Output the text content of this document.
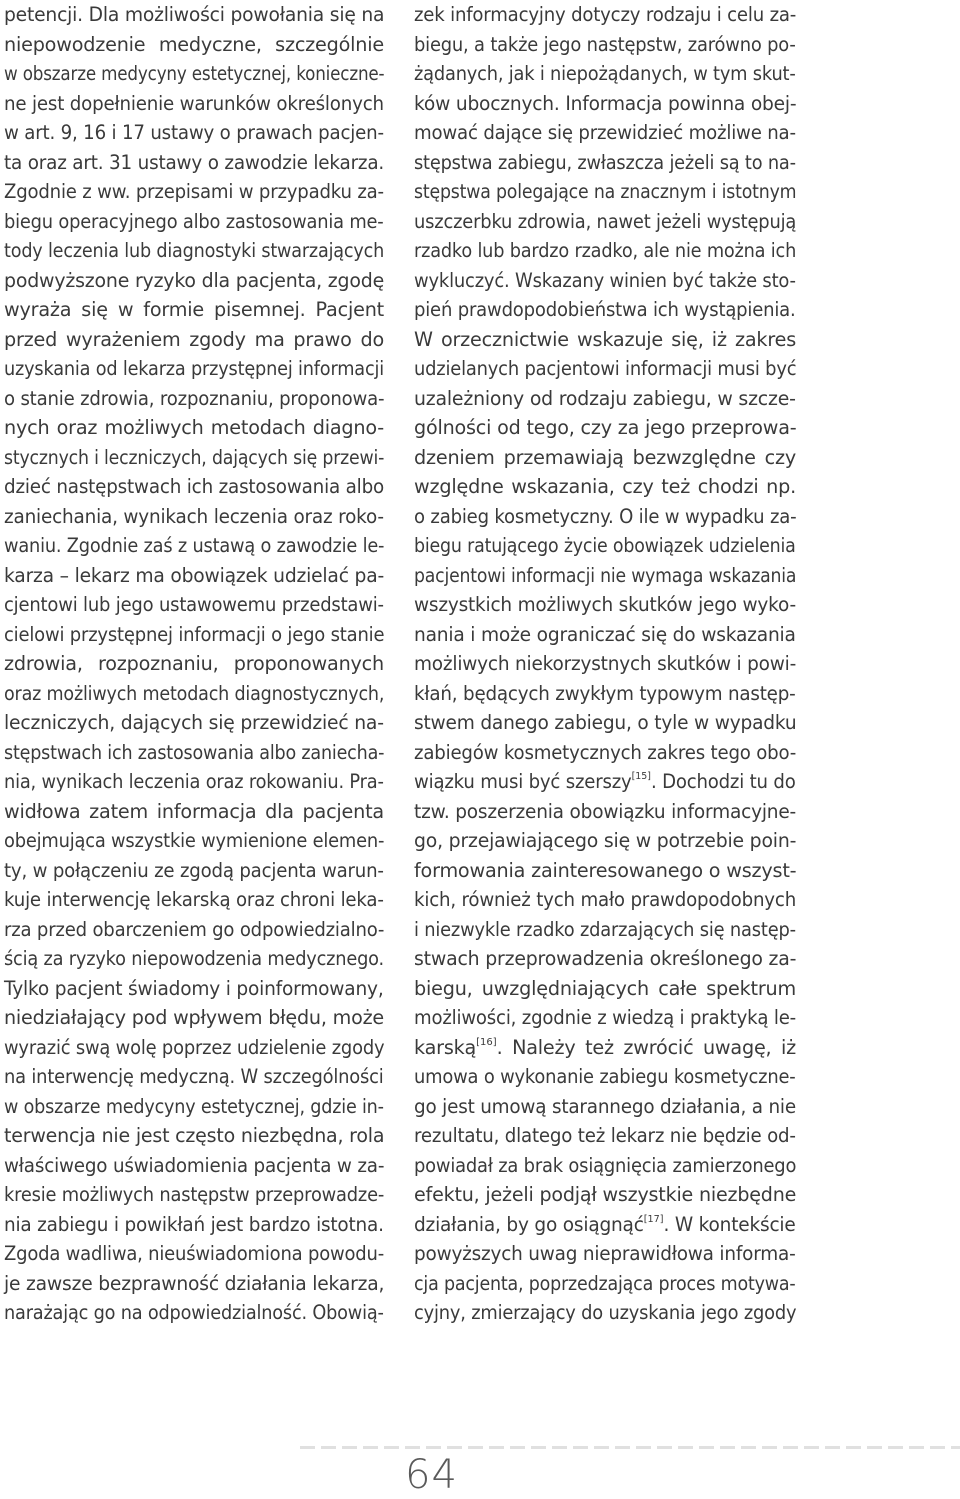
petencji. Dla możliwości powołania się na
niepowodzenie medyczne, szczególnie
w obszarze medycyny estetycznej, konieczne-
ne jest dopełnienie warunków określonych
w art. 9, 16 i 17 ustawy o prawach pacjen-
ta oraz art. 31 ustawy o zawodzie lekarza.
Zgodnie z ww. przepisami w przypadku za-
biegu operacyjnego albo zastosowania me-
tody leczenia lub diagnostyki stwarzających
podwyższone ryzyko dla pacjenta, zgodę
wyraża się w formie pisemnej. Pacjent
przed wyrażeniem zgody ma prawo do
uzyskania od lekarza przystępnej informacji
o stanie zdrowia, rozpoznaniu, proponowa-
nych oraz możliwych metodach diagno-
stycznych i leczniczych, dających się przewi-
dzieć następstwach ich zastosowania albo
zaniechania, wynikach leczenia oraz roko-
waniu. Zgodnie zaś z ustawą o zawodzie le-
karza – lekarz ma obowiązek udzielać pa-
cjentowi lub jego ustawowemu przedstawi-
cielowi przystępnej informacji o jego stanie
zdrowia, rozpoznaniu, proponowanych
oraz możliwych metodach diagnostycznych,
leczniczych, dających się przewidzieć na-
stępstwach ich zastosowania albo zaniecha-
nia, wynikach leczenia oraz rokowaniu. Pra-
widłowa zatem informacja dla pacjenta
obejmująca wszystkie wymienione elemen-
ty, w połączeniu ze zgodą pacjenta warun-
kuje interwencję lekarską oraz chroni leka-
rza przed obarczeniem go odpowiedzialno-
ścią za ryzyko niepowodzenia medycznego.
Tylko pacjent świadomy i poinformowany,
niedziałający pod wpływem błędu, może
wyrazić swą wolę poprzez udzielenie zgody
na interwencję medyczną. W szczególności
w obszarze medycyny estetycznej, gdzie in-
terwencja nie jest często niezbędna, rola
właściwego uświadomienia pacjenta w za-
kresie możliwych następstw przeprowadze-
nia zabiegu i powikłań jest bardzo istotna.
Zgoda wadliwa, nieuświadomiona powodu-
je zawsze bezprawność działania lekarza,
narażając go na odpowiedzialność. Obowią-
zek informacyjny dotyczy rodzaju i celu za-
biegu, a także jego następstw, zarówno po-
żądanych, jak i niepożądanych, w tym skut-
ków ubocznych. Informacja powinna obej-
mować dające się przewidzieć możliwe na-
stępstwa zabiegu, zwłaszcza jeżeli są to na-
stępstwa polegające na znacznym i istotnym
uszczerbku zdrowia, nawet jeżeli występują
rzadko lub bardzo rzadko, ale nie można ich
wykluczyć. Wskazany winien być także sto-
pień prawdopodobieństwa ich wystąpienia.
W orzecznictwie wskazuje się, iż zakres
udzielanych pacjentowi informacji musi być
uzależniony od rodzaju zabiegu, w szcze-
gólności od tego, czy za jego przeprowa-
dzeniem przemawiają bezwzględne czy
względne wskazania, czy też chodzi np.
o zabieg kosmetyczny. O ile w wypadku za-
biegu ratującego życie obowiązek udzielenia
pacjentowi informacji nie wymaga wskazania
wszystkich możliwych skutków jego wyko-
nania i może ograniczać się do wskazania
możliwych niekorzystnych skutków i powi-
kłań, będących zwykłym typowym następ-
stwem danego zabiegu, o tyle w wypadku
zabiegów kosmetycznych zakres tego obo-
wiązku musi być szerszy[15]. Dochodzi tu do
tzw. poszerzenia obowiązku informacyjne-
go, przejawiającego się w potrzebie poin-
formowania zainteresowanego o wszyst-
kich, również tych mało prawdopodobnych
i niezwykle rzadko zdarzających się następ-
stwach przeprowadzenia określonego za-
biegu, uwzględniających całe spektrum
możliwości, zgodnie z wiedzą i praktyką le-
karską[16]. Należy też zwrócić uwagę, iż
umowa o wykonanie zabiegu kosmetyczne-
go jest umową starannego działania, a nie
rezultatu, dlatego też lekarz nie będzie od-
powiadał za brak osiągnięcia zamierzonego
efektu, jeżeli podjął wszystkie niezbędne
działania, by go osiągnąć[17]. W kontekście
powyższych uwag nieprawidłowa informa-
cja pacjenta, poprzedzająca proces motywa-
cyjny, zmierzający do uzyskania jego zgody
64
